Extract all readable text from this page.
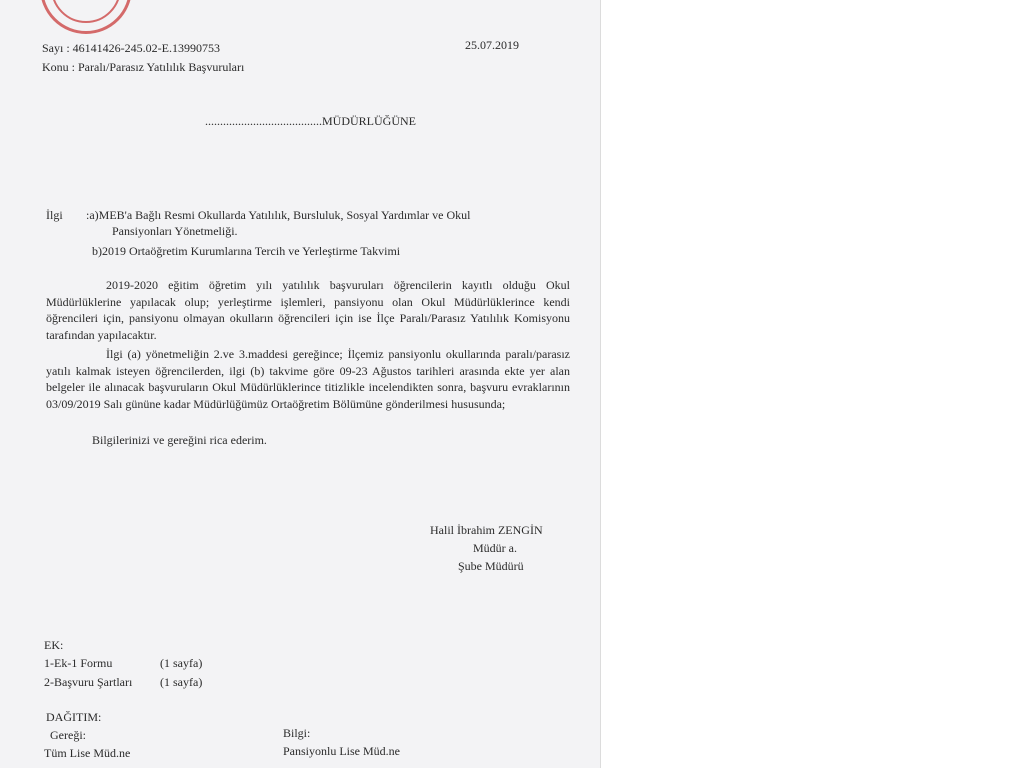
Sayı : 46141426-245.02-E.13990753	25.07.2019
Konu : Paralı/Parasız Yatılılık Başvuruları
.......................................MÜDÜRLÜĞÜNE
İlgi :a)MEB'a Bağlı Resmi Okullarda Yatılılık, Bursluluk, Sosyal Yardımlar ve Okul
Pansiyonları Yönetmeliği.
b)2019 Ortaöğretim Kurumlarına Tercih ve Yerleştirme Takvimi
2019-2020 eğitim öğretim yılı yatılılık başvuruları öğrencilerin kayıtlı olduğu Okul Müdürlüklerine yapılacak olup; yerleştirme işlemleri, pansiyonu olan Okul Müdürlüklerince kendi öğrencileri için, pansiyonu olmayan okulların öğrencileri için ise İlçe Paralı/Parasız Yatılılık Komisyonu tarafından yapılacaktır.
İlgi (a) yönetmeliğin 2.ve 3.maddesi gereğince; İlçemiz pansiyonlu okullarında paralı/parasız yatılı kalmak isteyen öğrencilerden, ilgi (b) takvime göre 09-23 Ağustos tarihleri arasında ekte yer alan belgeler ile alınacak başvuruların Okul Müdürlüklerince titizlikle incelendikten sonra, başvuru evraklarının 03/09/2019 Salı gününe kadar Müdürlüğümüz Ortaöğretim Bölümüne gönderilmesi hususunda;
Bilgilerinizi ve gereğini rica ederim.
Halil İbrahim ZENGİN
Müdür a.
Şube Müdürü
EK:
1-Ek-1 Formu	(1 sayfa)
2-Başvuru Şartları (1 sayfa)
DAĞITIM:
Gereği:
Tüm Lise Müd.ne
Bilgi:
Pansiyonlu Lise Müd.ne
